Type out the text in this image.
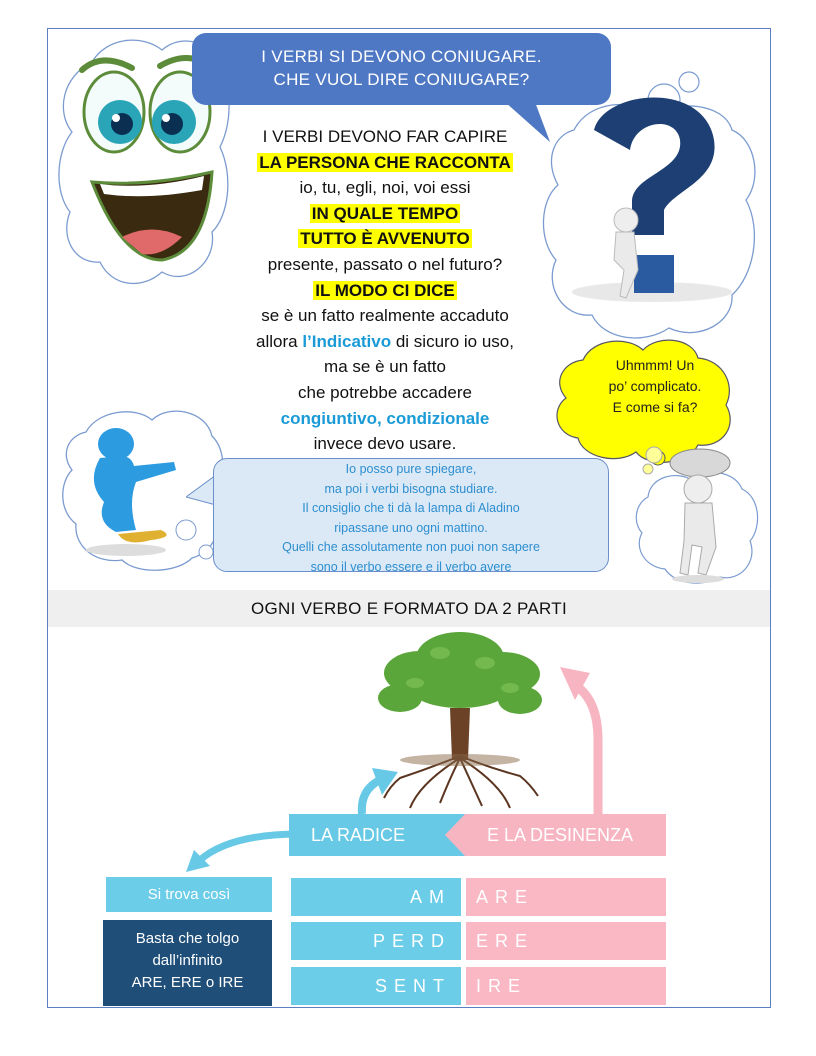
I VERBI SI DEVONO CONIUGARE.
CHE VUOL DIRE CONIUGARE?
I VERBI DEVONO FAR CAPIRE
LA PERSONA CHE RACCONTA
io, tu, egli, noi, voi essi
IN QUALE TEMPO
TUTTO È AVVENUTO
presente, passato o nel futuro?
IL MODO CI DICE
se è un fatto realmente accaduto
allora l’Indicativo di sicuro io uso,
ma se è un fatto
che potrebbe accadere
congiuntivo, condizionale
invece devo usare.
Uhmmm! Un
po’ complicato.
E come si fa?
Io posso pure spiegare,
ma poi i verbi bisogna studiare.
Il consiglio che ti dà la lampa di Aladino
ripassane uno ogni mattino.
Quelli che assolutamente non puoi non sapere
sono il verbo essere e il verbo avere
OGNI VERBO E FORMATO DA 2 PARTI
LA RADICE	E LA DESINENZA
Si trova così
Basta che tolgo
dall’infinito
ARE, ERE o IRE
AM	ARE
PERD	ERE
SENT	IRE
